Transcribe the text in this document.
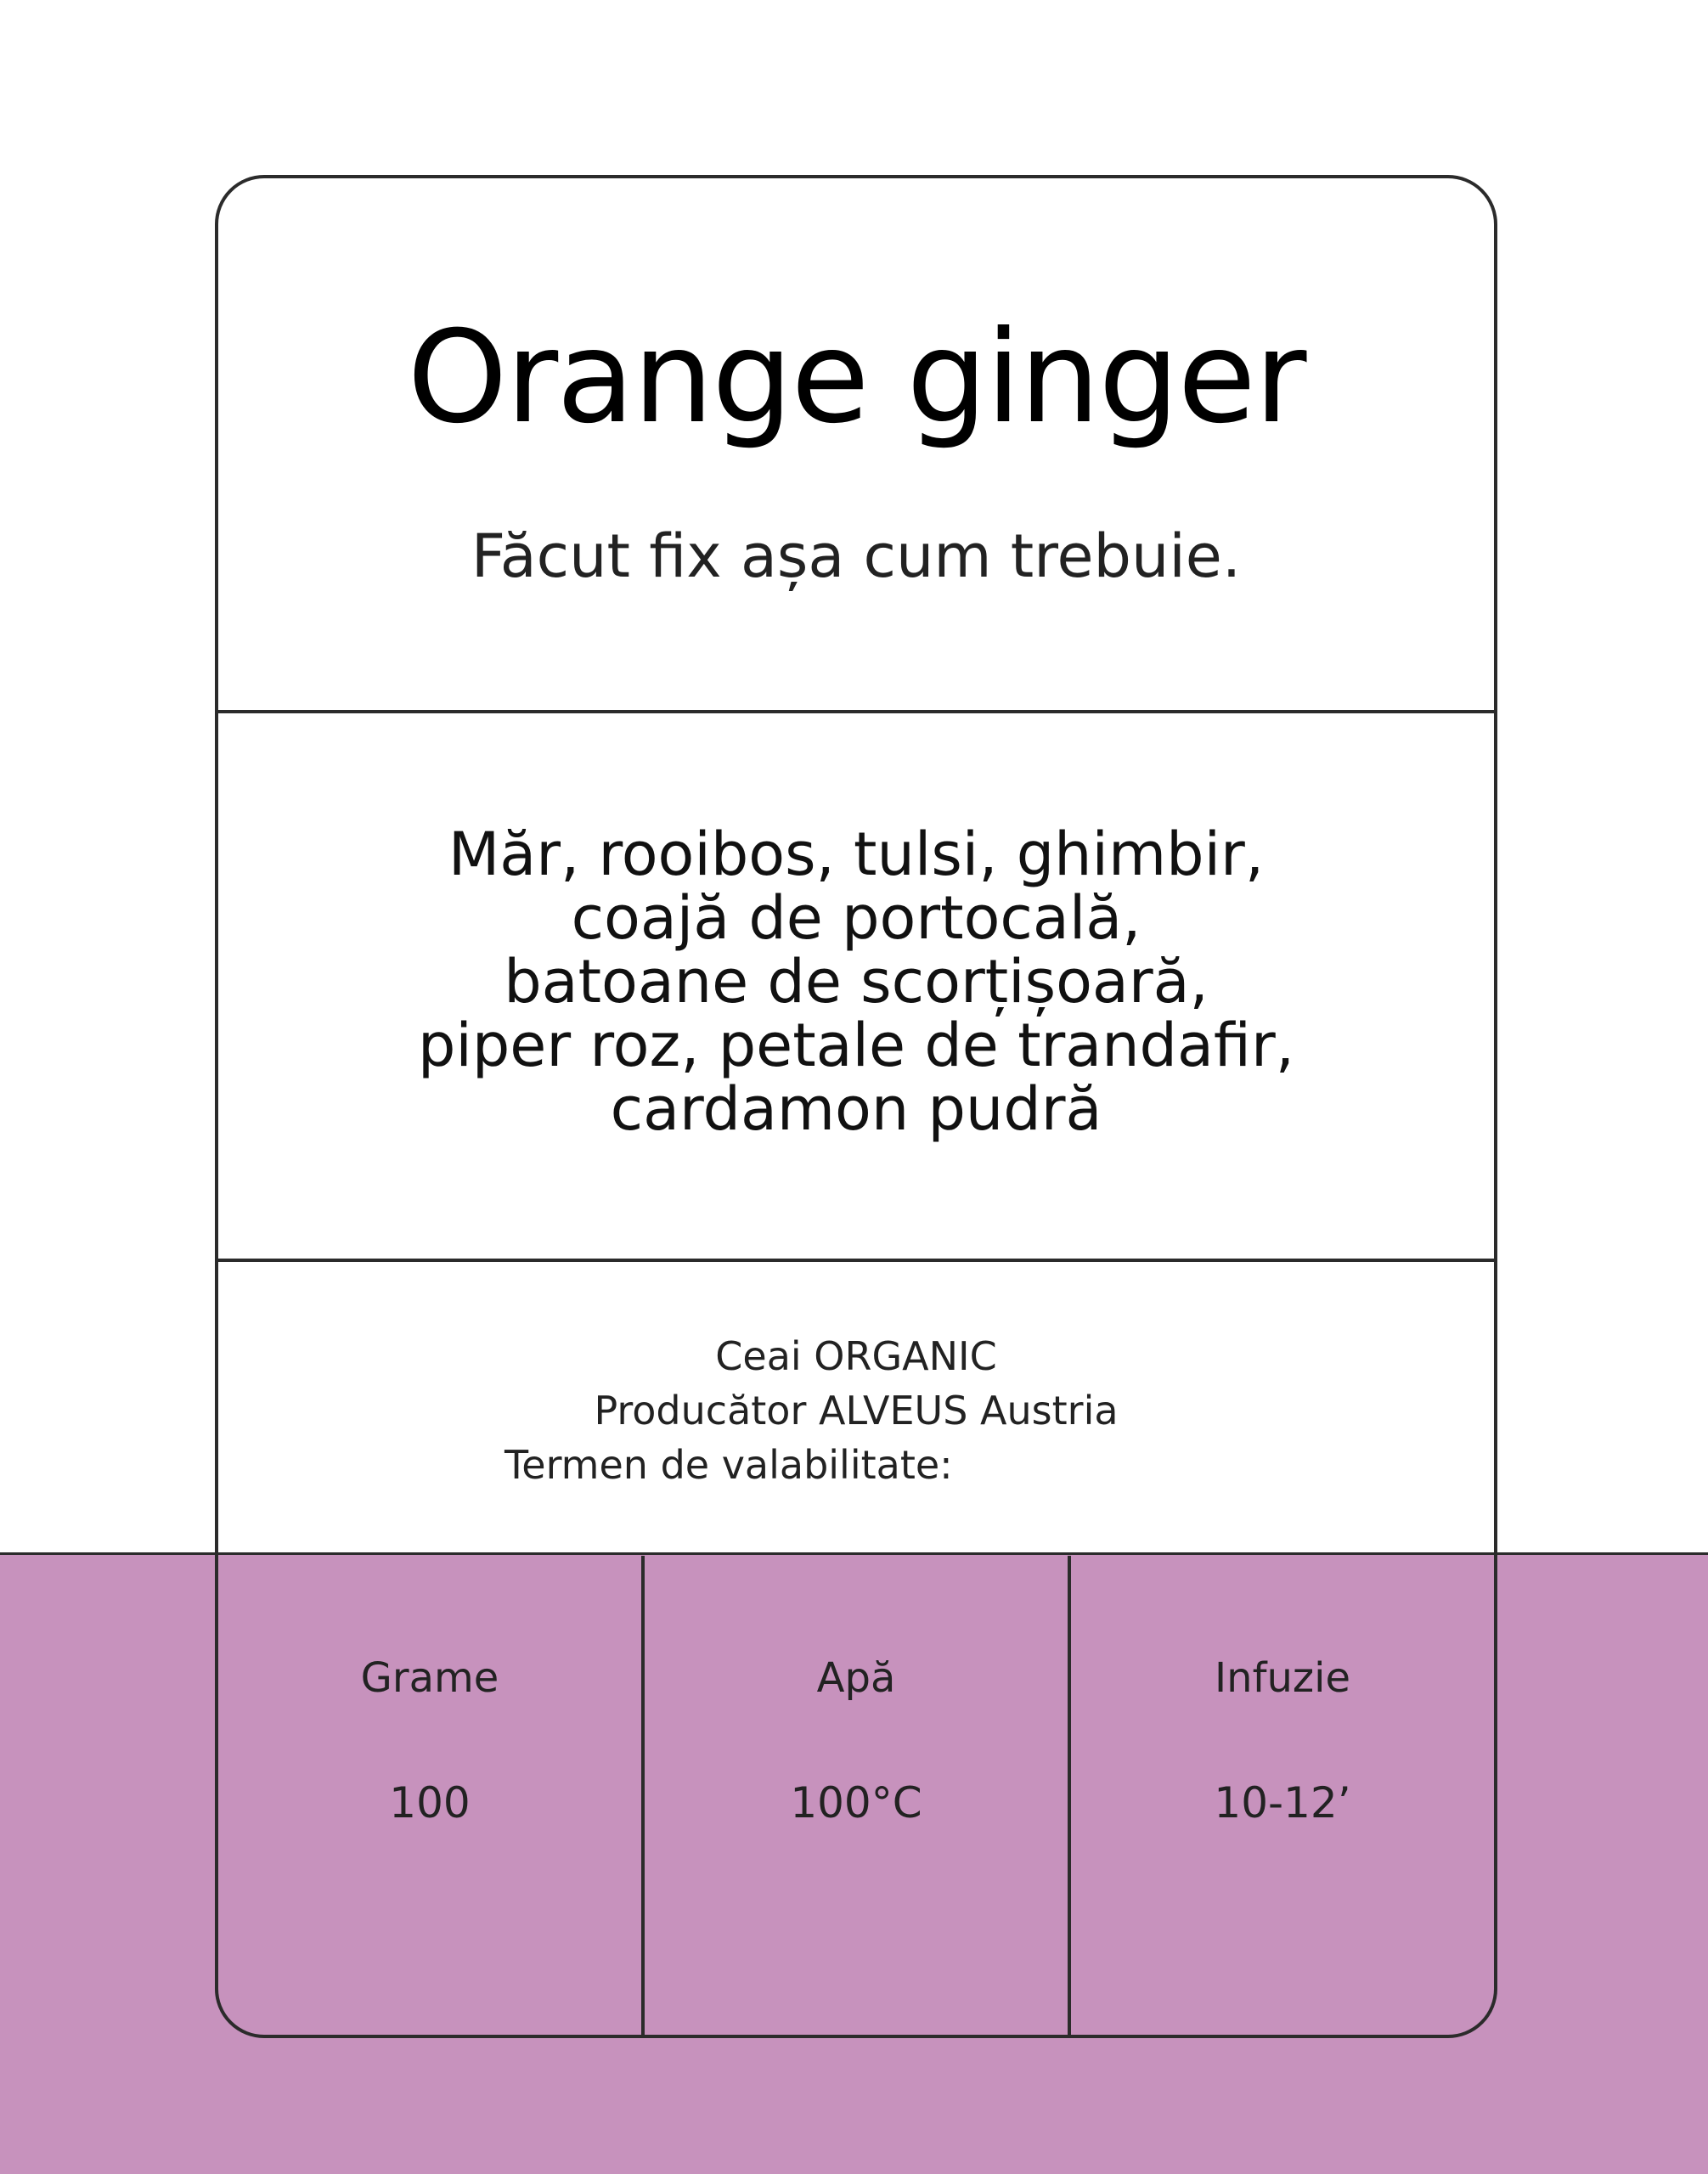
Orange ginger
Făcut fix așa cum trebuie.
Măr, rooibos, tulsi, ghimbir,
coajă de portocală,
batoane de scorțișoară,
piper roz, petale de trandafir,
cardamon pudră
Ceai ORGANIC
Producător ALVEUS Austria
Termen de valabilitate:
Grame
100
Apă
100°C
Infuzie
10-12’
